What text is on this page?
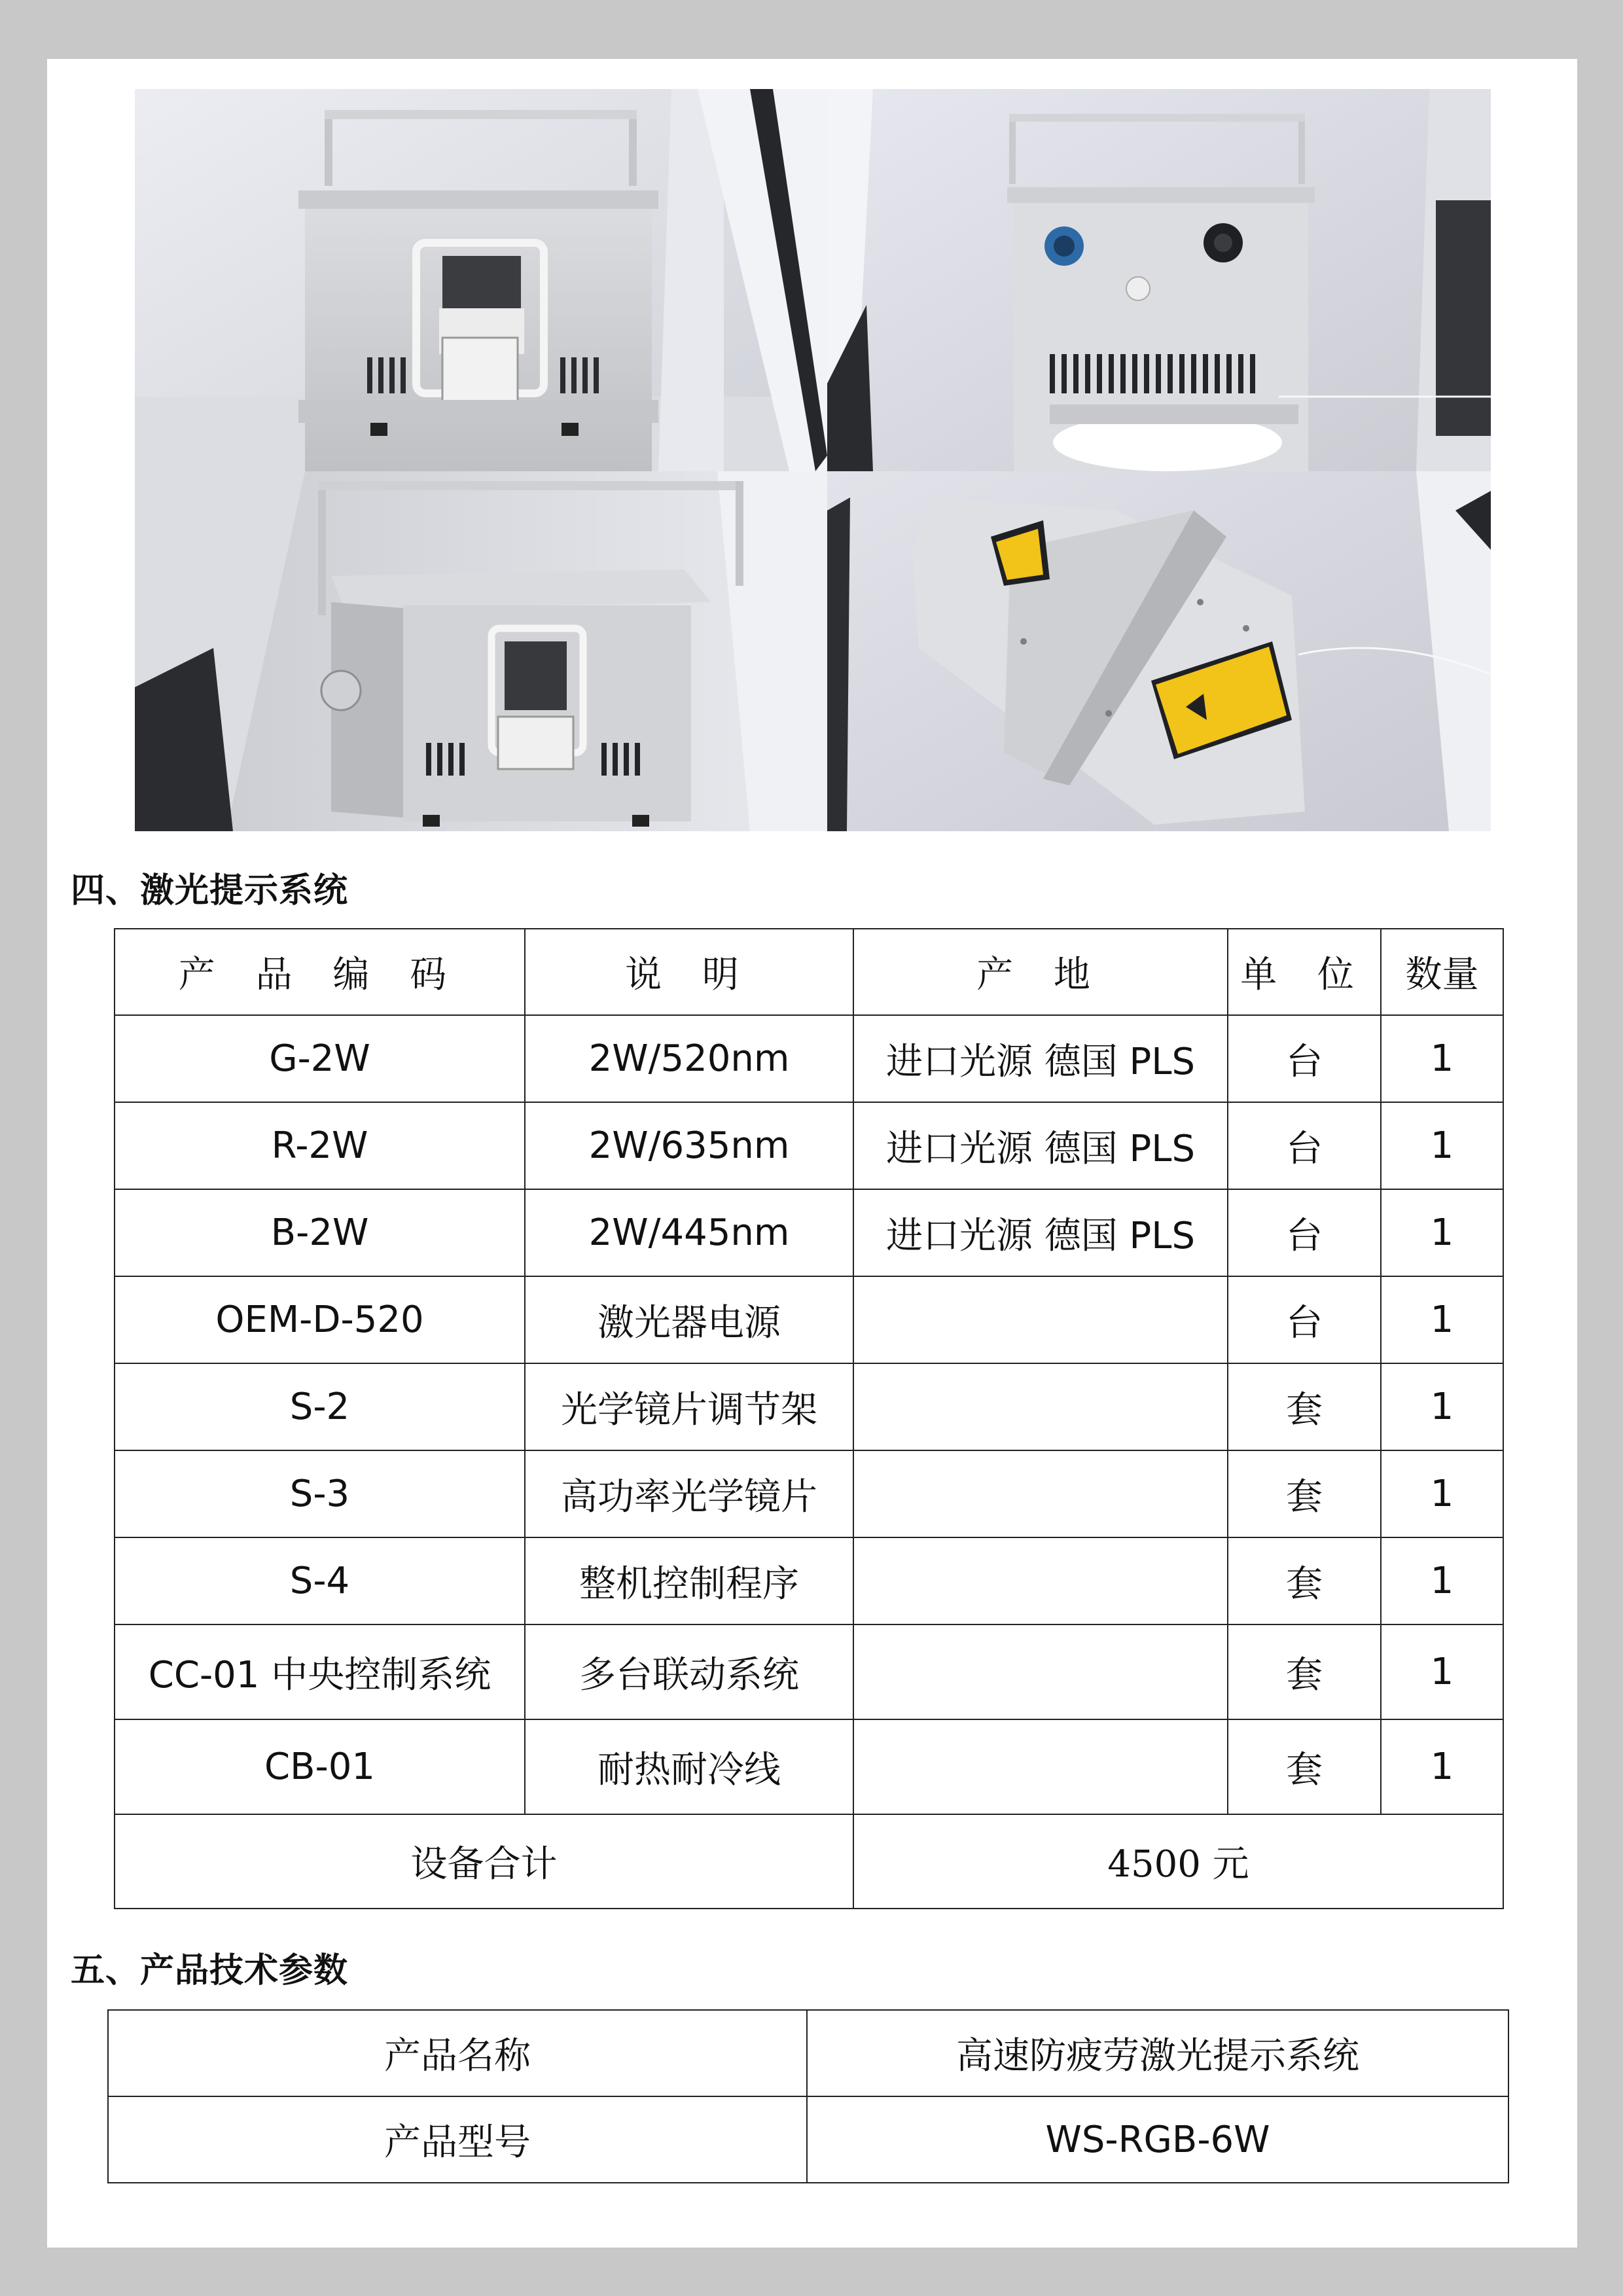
四、激光提示系统
产 品 编 码	说 明	产 地	单 位	数量
G-2W	2W/520nm	进口光源 德国 PLS	台	1
R-2W	2W/635nm	进口光源 德国 PLS	台	1
B-2W	2W/445nm	进口光源 德国 PLS	台	1
OEM-D-520	激光器电源		台	1
S-2	光学镜片调节架		套	1
S-3	高功率光学镜片		套	1
S-4	整机控制程序		套	1
CC-01 中央控制系统	多台联动系统		套	1
CB-01	耐热耐冷线		套	1
设备合计		4500 元		
五、产品技术参数
产品名称	高速防疲劳激光提示系统
产品型号	WS-RGB-6W
